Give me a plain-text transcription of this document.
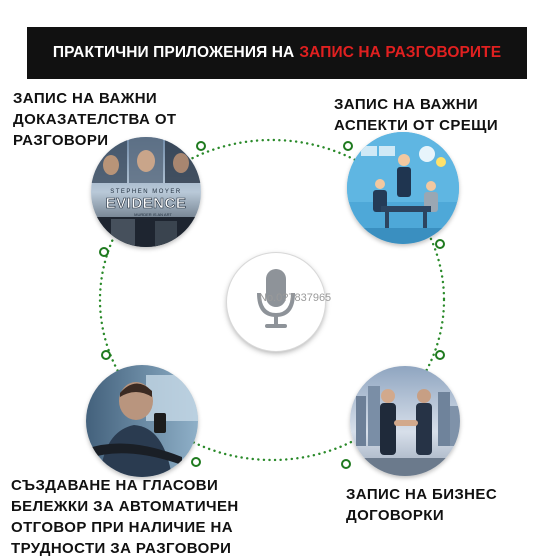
ПРАКТИЧНИ ПРИЛОЖЕНИЯ НА ЗАПИС НА РАЗГОВОРИТЕ
STEPHEN MOYER
EVIDENCE
MURDER IS AN ART
No.0?7837965
ЗАПИС НА ВАЖНИ
ДОКАЗАТЕЛСТВА ОТ
РАЗГОВОРИ
ЗАПИС НА ВАЖНИ
АСПЕКТИ ОТ СРЕЩИ
СЪЗДАВАНЕ НА ГЛАСОВИ
БЕЛЕЖКИ ЗА АВТОМАТИЧЕН
ОТГОВОР ПРИ НАЛИЧИЕ НА
ТРУДНОСТИ ЗА РАЗГОВОРИ
ЗАПИС НА БИЗНЕС
ДОГОВОРКИ
